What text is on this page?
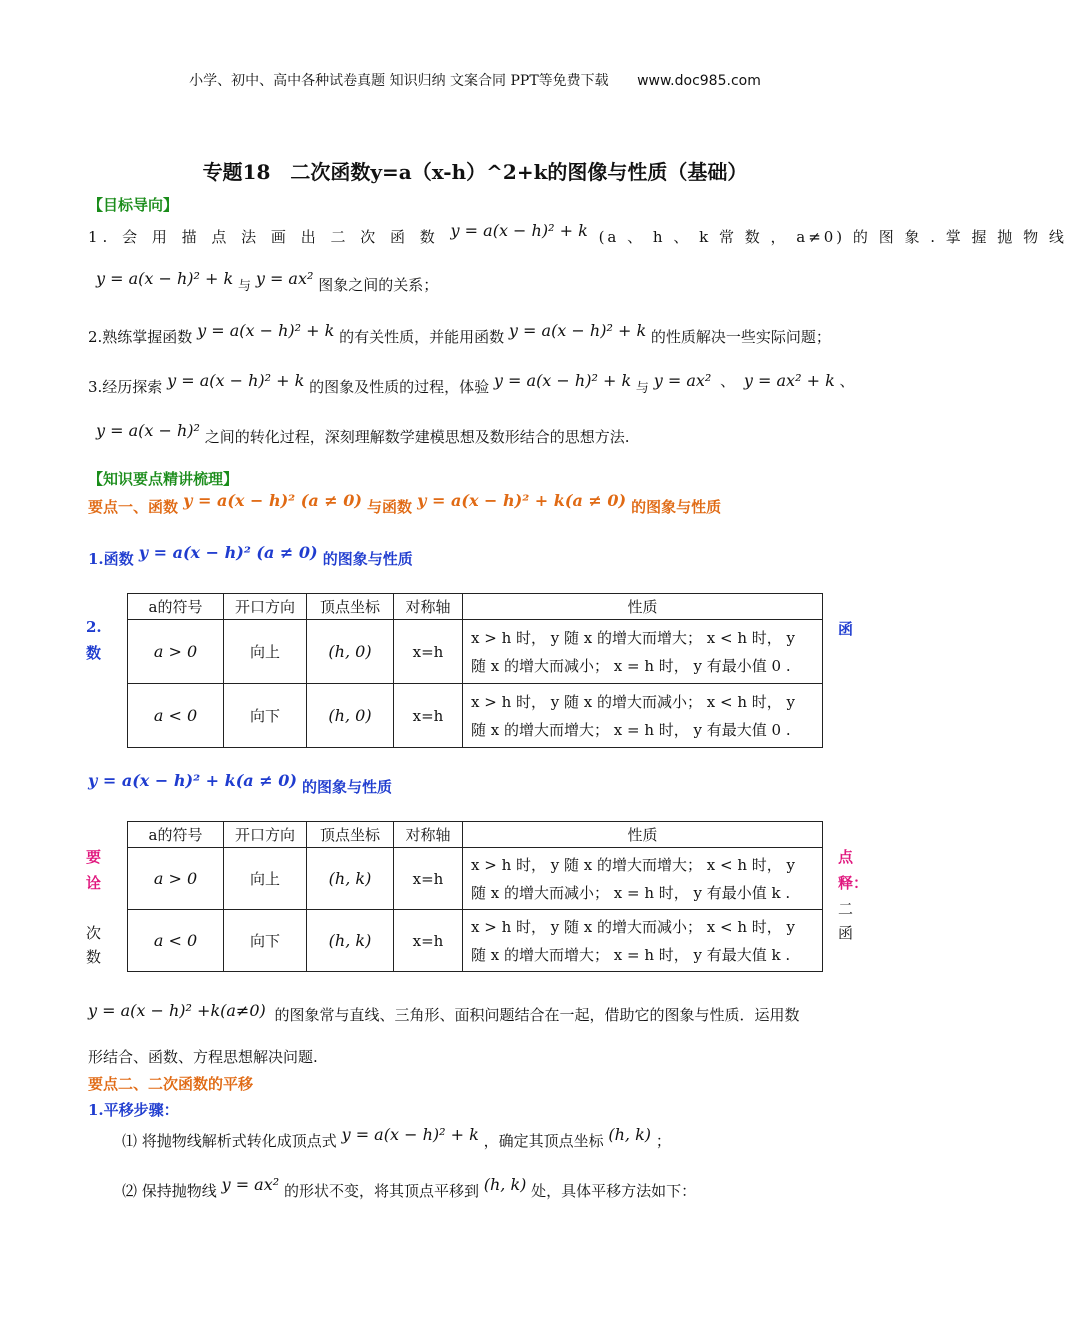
小学、初中、高中各种试卷真题 知识归纳 文案合同 PPT等免费下载 www.doc985.com
专题18　二次函数y=a（x-h）^2+k的图像与性质（基础）
【目标导向】
1. 会 用 描 点 法 画 出 二 次 函 数 y = a(x − h)² + k (a 、 h 、 k 常 数 ， a≠0) 的 图 象 . 掌 握 抛 物 线
y = a(x − h)² + k 与 y = ax² 图象之间的关系；
2.熟练掌握函数 y = a(x − h)² + k 的有关性质，并能用函数 y = a(x − h)² + k 的性质解决一些实际问题；
3.经历探索 y = a(x − h)² + k 的图象及性质的过程，体验 y = a(x − h)² + k 与 y = ax² 、 y = ax² + k 、
y = a(x − h)² 之间的转化过程，深刻理解数学建模思想及数形结合的思想方法.
【知识要点精讲梳理】
要点一、函数 y = a(x − h)² (a ≠ 0) 与函数 y = a(x − h)² + k(a ≠ 0) 的图象与性质
1.函数 y = a(x − h)² (a ≠ 0) 的图象与性质
2.
数
函
a的符号	开口方向	顶点坐标	对称轴	性质
a > 0	向上	(h, 0)	x=h	x > h 时， y 随 x 的增大而增大； x < h 时， y
随 x 的增大而减小； x = h 时， y 有最小值 0 .

a < 0	向下	(h, 0)	x=h	x > h 时， y 随 x 的增大而减小； x < h 时， y
随 x 的增大而增大； x = h 时， y 有最大值 0 .
y = a(x − h)² + k(a ≠ 0) 的图象与性质
要
诠
次
数
点
释：
二
函
a的符号	开口方向	顶点坐标	对称轴	性质
a > 0	向上	(h, k)	x=h	x > h 时， y 随 x 的增大而增大； x < h 时， y
随 x 的增大而减小； x = h 时， y 有最小值 k .

a < 0	向下	(h, k)	x=h	x > h 时， y 随 x 的增大而减小； x < h 时， y
随 x 的增大而增大； x = h 时， y 有最大值 k .
y = a(x − h)² +k(a≠0) 的图象常与直线、三角形、面积问题结合在一起，借助它的图象与性质．运用数
形结合、函数、方程思想解决问题.
要点二、二次函数的平移
1.平移步骤：
⑴ 将抛物线解析式转化成顶点式 y = a(x − h)² + k ，确定其顶点坐标 (h, k) ；
⑵ 保持抛物线 y = ax² 的形状不变，将其顶点平移到 (h, k) 处，具体平移方法如下：
